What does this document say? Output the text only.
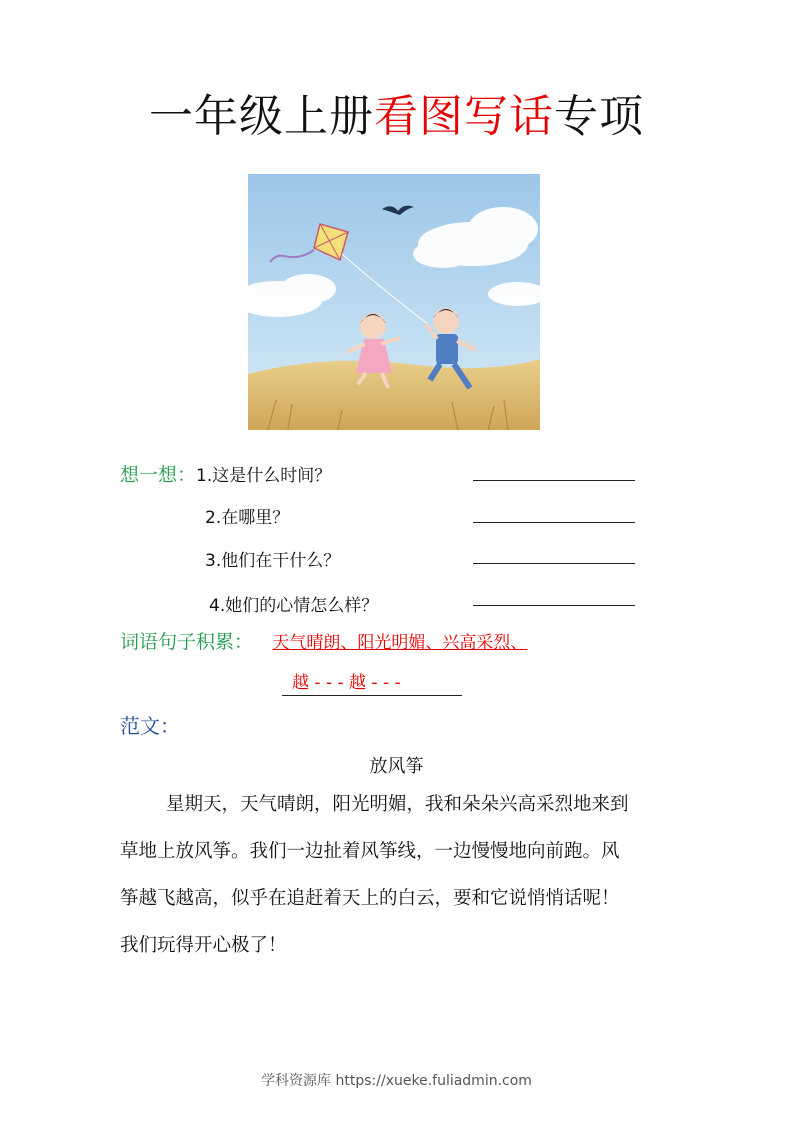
一年级上册看图写话专项
想一想：1.这是什么时间？
2.在哪里？
3.他们在干什么？
4.她们的心情怎么样？
词语句子积累： 天气晴朗、阳光明媚、兴高采烈、
越 - - - 越 - - -
范文：
放风筝
星期天，天气晴朗，阳光明媚，我和朵朵兴高采烈地来到
草地上放风筝。我们一边扯着风筝线，一边慢慢地向前跑。风
筝越飞越高，似乎在追赶着天上的白云，要和它说悄悄话呢！
我们玩得开心极了！
学科资源库 https://xueke.fuliadmin.com
